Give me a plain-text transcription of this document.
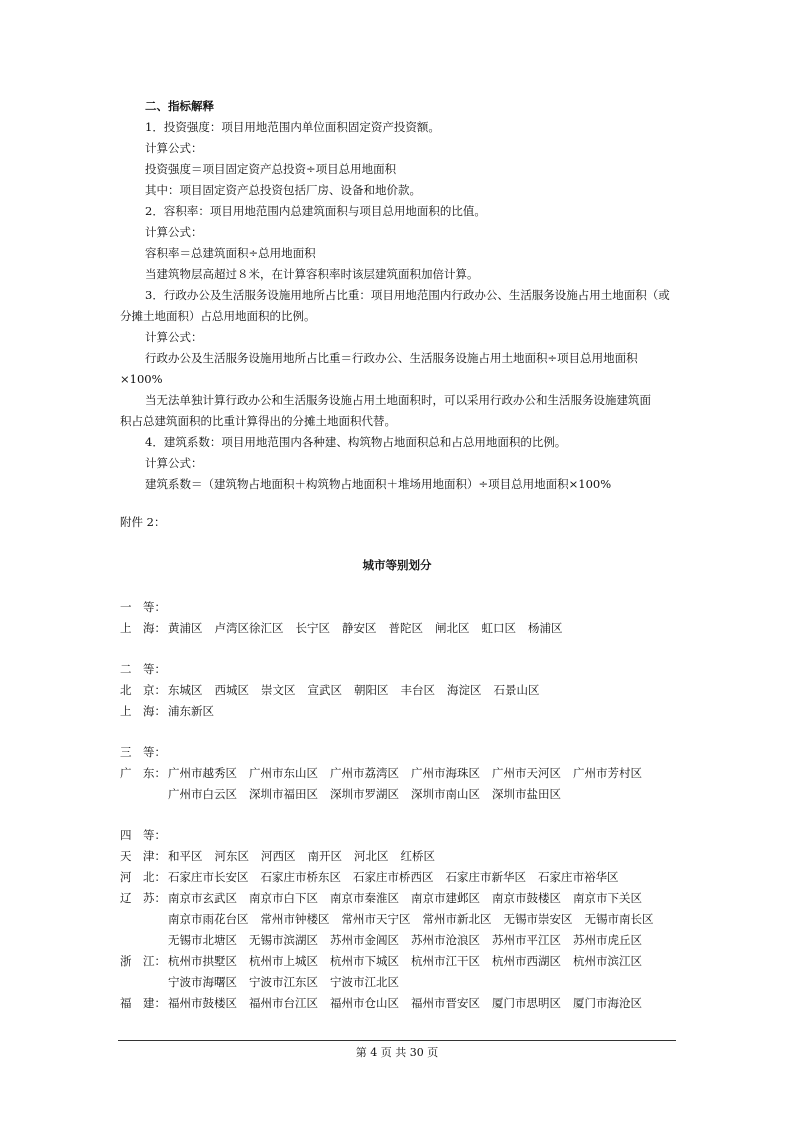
二、指标解释
1．投资强度：项目用地范围内单位面积固定资产投资额。
计算公式：
投资强度＝项目固定资产总投资÷项目总用地面积
其中：项目固定资产总投资包括厂房、设备和地价款。
2．容积率：项目用地范围内总建筑面积与项目总用地面积的比值。
计算公式：
容积率＝总建筑面积÷总用地面积
当建筑物层高超过８米，在计算容积率时该层建筑面积加倍计算。
3．行政办公及生活服务设施用地所占比重：项目用地范围内行政办公、生活服务设施占用土地面积（或
分摊土地面积）占总用地面积的比例。
计算公式：
行政办公及生活服务设施用地所占比重＝行政办公、生活服务设施占用土地面积÷项目总用地面积
×100%
当无法单独计算行政办公和生活服务设施占用土地面积时，可以采用行政办公和生活服务设施建筑面
积占总建筑面积的比重计算得出的分摊土地面积代替。
4．建筑系数：项目用地范围内各种建、构筑物占地面积总和占总用地面积的比例。
计算公式：
建筑系数＝（建筑物占地面积＋构筑物占地面积＋堆场用地面积）÷项目总用地面积×100%
附件 2：
城市等别划分
一　等：
上　海： 黄浦区 卢湾区徐汇区 长宁区 静安区 普陀区 闸北区 虹口区 杨浦区
二　等：
北　京： 东城区 西城区 崇文区 宣武区 朝阳区 丰台区 海淀区 石景山区
上　海： 浦东新区
三　等：
广　东： 广州市越秀区 广州市东山区 广州市荔湾区 广州市海珠区 广州市天河区 广州市芳村区
广州市白云区 深圳市福田区 深圳市罗湖区 深圳市南山区 深圳市盐田区
四　等：
天　津： 和平区 河东区 河西区 南开区 河北区 红桥区
河　北： 石家庄市长安区 石家庄市桥东区 石家庄市桥西区 石家庄市新华区 石家庄市裕华区
辽　苏： 南京市玄武区 南京市白下区 南京市秦淮区 南京市建邺区 南京市鼓楼区 南京市下关区
南京市雨花台区 常州市钟楼区 常州市天宁区 常州市新北区 无锡市崇安区 无锡市南长区
无锡市北塘区 无锡市滨湖区 苏州市金阊区 苏州市沧浪区 苏州市平江区 苏州市虎丘区
浙　江： 杭州市拱墅区 杭州市上城区 杭州市下城区 杭州市江干区 杭州市西湖区 杭州市滨江区
宁波市海曙区 宁波市江东区 宁波市江北区
福　建： 福州市鼓楼区 福州市台江区 福州市仓山区 福州市晋安区 厦门市思明区 厦门市海沧区
第 4 页 共 30 页
